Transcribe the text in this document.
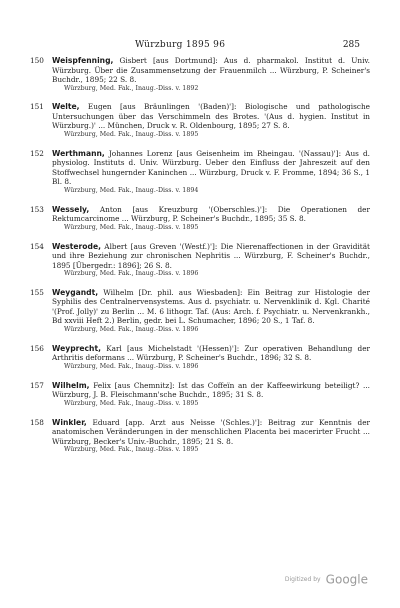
Würzburg 1895 96	285
150 Weispfenning, Gisbert [aus Dortmund]: Aus d. pharmakol. Institut d. Univ. Würzburg. Über die Zusammensetzung der Frauenmilch ... Würzburg, P. Scheiner's Buchdr., 1895; 22 S. 8.
Würzburg, Med. Fak., Inaug.-Diss. v. 1892
151 Welte, Eugen [aus Bräunlingen '(Baden)']: Biologische und pathologische Untersuchungen über das Verschimmeln des Brotes. '(Aus d. hygien. Institut in Würzburg.)' ... München, Druck v. R. Oldenbourg, 1895; 27 S. 8.
Würzburg, Med. Fak., Inaug.-Diss. v. 1895
152 Werthmann, Johannes Lorenz [aus Geisenheim im Rheingau. '(Nassau)']: Aus d. physiolog. Instituts d. Univ. Würzburg. Ueber den Einfluss der Jahreszeit auf den Stoffwechsel hungernder Kaninchen ... Würzburg, Druck v. F. Fromme, 1894; 36 S., 1 Bl. 8.
Würzburg, Med. Fak., Inaug.-Diss. v. 1894
153 Wessely, Anton [aus Kreuzburg '(Oberschles.)']: Die Operationen der Rektumcarcinome ... Würzburg, P. Scheiner's Buchdr., 1895; 35 S. 8.
Würzburg, Med. Fak., Inaug.-Diss. v. 1895
154 Westerode, Albert [aus Greven '(Westf.)']: Die Nierenaffectionen in der Gravidität und ihre Beziehung zur chronischen Nephritis ... Würzburg, F. Scheiner's Buchdr., 1895 [Übergedr.: 1896]; 26 S. 8.
Würzburg, Med. Fak., Inaug.-Diss. v. 1896
155 Weygandt, Wilhelm [Dr. phil. aus Wiesbaden]: Ein Beitrag zur Histologie der Syphilis des Centralnervensystems. Aus d. psychiatr. u. Nervenklinik d. Kgl. Charité '(Prof. Jolly)' zu Berlin ... M. 6 lithogr. Taf. (Aus: Arch. f. Psychiatr. u. Nervenkrankh., Bd xxviii Heft 2.) Berlin, gedr. bei L. Schumacher, 1896; 20 S., 1 Taf. 8.
Würzburg, Med. Fak., Inaug.-Diss. v. 1896
156 Weyprecht, Karl [aus Michelstadt '(Hessen)']: Zur operativen Behandlung der Arthritis deformans ... Würzburg, P. Scheiner's Buchdr., 1896; 32 S. 8.
Würzburg, Med. Fak., Inaug.-Diss. v. 1896
157 Wilhelm, Felix [aus Chemnitz]: Ist das Coffeïn an der Kaffeewirkung beteiligt? ... Würzburg, J. B. Fleischmann'sche Buchdr., 1895; 31 S. 8.
Würzburg, Med. Fak., Inaug.-Diss. v. 1895
158 Winkler, Eduard [app. Arzt aus Neisse '(Schles.)']: Beitrag zur Kenntnis der anatomischen Veränderungen in der menschlichen Placenta bei macerirter Frucht ... Würzburg, Becker's Univ.-Buchdr., 1895; 21 S. 8.
Würzburg, Med. Fak., Inaug.-Diss. v. 1895
Digitized by Google
